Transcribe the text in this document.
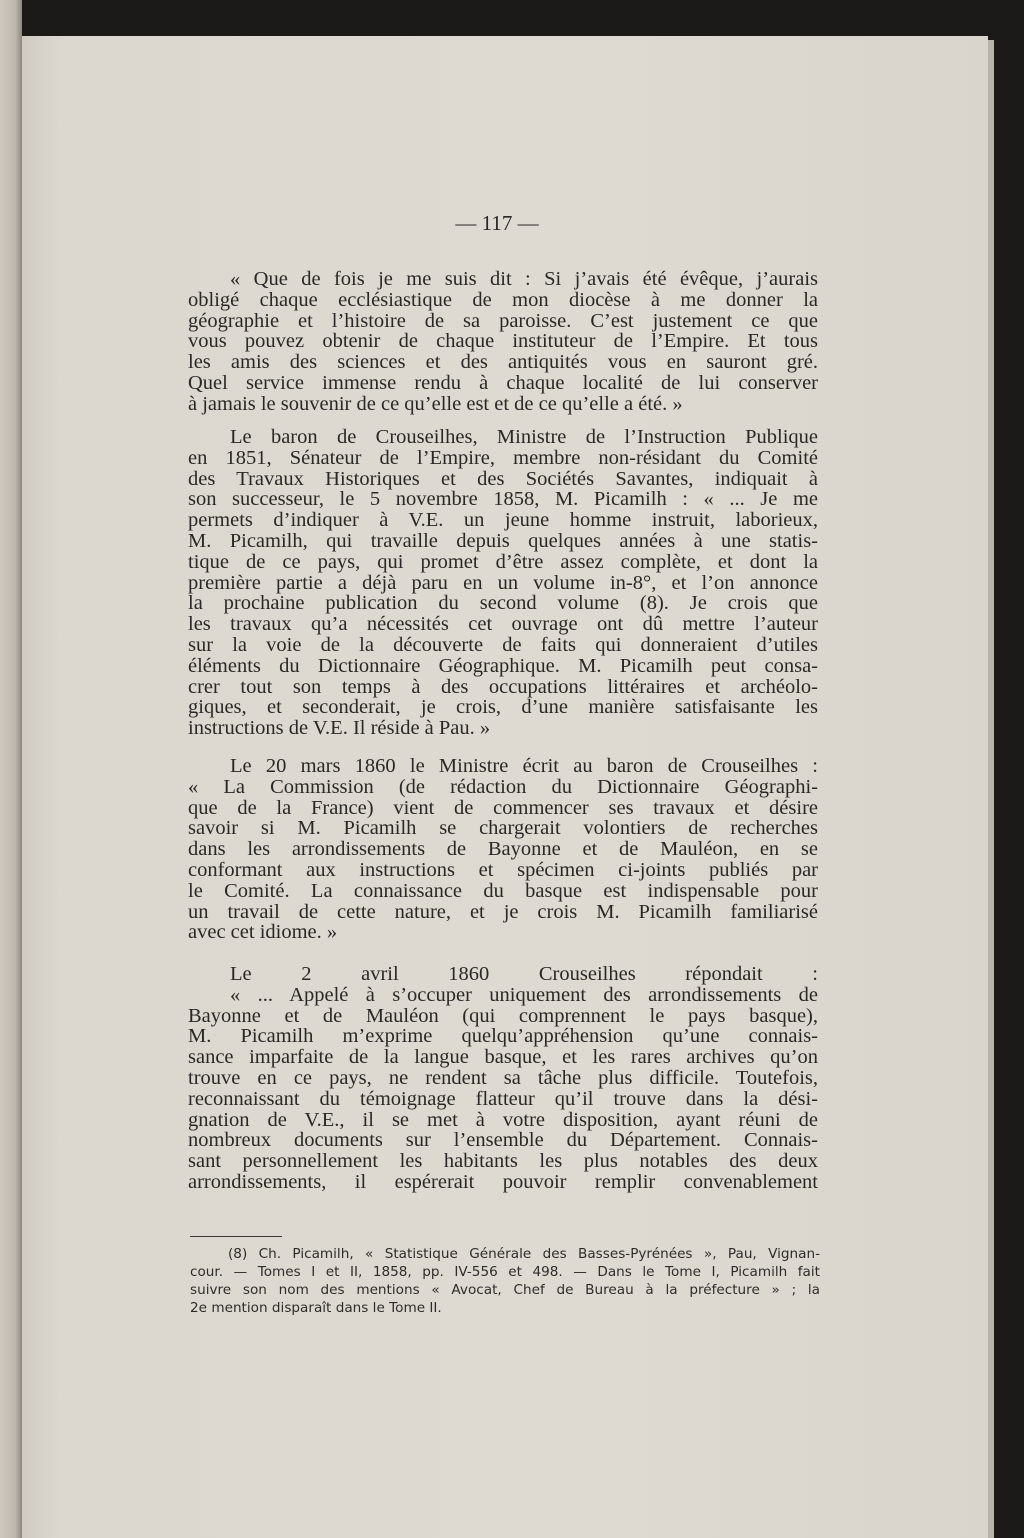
— 117 —
« Que de fois je me suis dit : Si j’avais été évêque, j’aurais
obligé chaque ecclésiastique de mon diocèse à me donner la
géographie et l’histoire de sa paroisse. C’est justement ce que
vous pouvez obtenir de chaque instituteur de l’Empire. Et tous
les amis des sciences et des antiquités vous en sauront gré.
Quel service immense rendu à chaque localité de lui conserver
à jamais le souvenir de ce qu’elle est et de ce qu’elle a été. »
Le baron de Crouseilhes, Ministre de l’Instruction Publique
en 1851, Sénateur de l’Empire, membre non-résidant du Comité
des Travaux Historiques et des Sociétés Savantes, indiquait à
son successeur, le 5 novembre 1858, M. Picamilh : « ... Je me
permets d’indiquer à V.E. un jeune homme instruit, laborieux,
M. Picamilh, qui travaille depuis quelques années à une statis-
tique de ce pays, qui promet d’être assez complète, et dont la
première partie a déjà paru en un volume in-8°, et l’on annonce
la prochaine publication du second volume (8). Je crois que
les travaux qu’a nécessités cet ouvrage ont dû mettre l’auteur
sur la voie de la découverte de faits qui donneraient d’utiles
éléments du Dictionnaire Géographique. M. Picamilh peut consa-
crer tout son temps à des occupations littéraires et archéolo-
giques, et seconderait, je crois, d’une manière satisfaisante les
instructions de V.E. Il réside à Pau. »
Le 20 mars 1860 le Ministre écrit au baron de Crouseilhes :
« La Commission (de rédaction du Dictionnaire Géographi-
que de la France) vient de commencer ses travaux et désire
savoir si M. Picamilh se chargerait volontiers de recherches
dans les arrondissements de Bayonne et de Mauléon, en se
conformant aux instructions et spécimen ci-joints publiés par
le Comité. La connaissance du basque est indispensable pour
un travail de cette nature, et je crois M. Picamilh familiarisé
avec cet idiome. »
Le 2 avril 1860 Crouseilhes répondait :
« ... Appelé à s’occuper uniquement des arrondissements de
Bayonne et de Mauléon (qui comprennent le pays basque),
M. Picamilh m’exprime quelqu’appréhension qu’une connais-
sance imparfaite de la langue basque, et les rares archives qu’on
trouve en ce pays, ne rendent sa tâche plus difficile. Toutefois,
reconnaissant du témoignage flatteur qu’il trouve dans la dési-
gnation de V.E., il se met à votre disposition, ayant réuni de
nombreux documents sur l’ensemble du Département. Connais-
sant personnellement les habitants les plus notables des deux
arrondissements, il espérerait pouvoir remplir convenablement
(8) Ch. Picamilh, « Statistique Générale des Basses-Pyrénées », Pau, Vignan-
cour. — Tomes I et II, 1858, pp. IV-556 et 498. — Dans le Tome I, Picamilh fait
suivre son nom des mentions « Avocat, Chef de Bureau à la préfecture » ; la
2e mention disparaît dans le Tome II.
